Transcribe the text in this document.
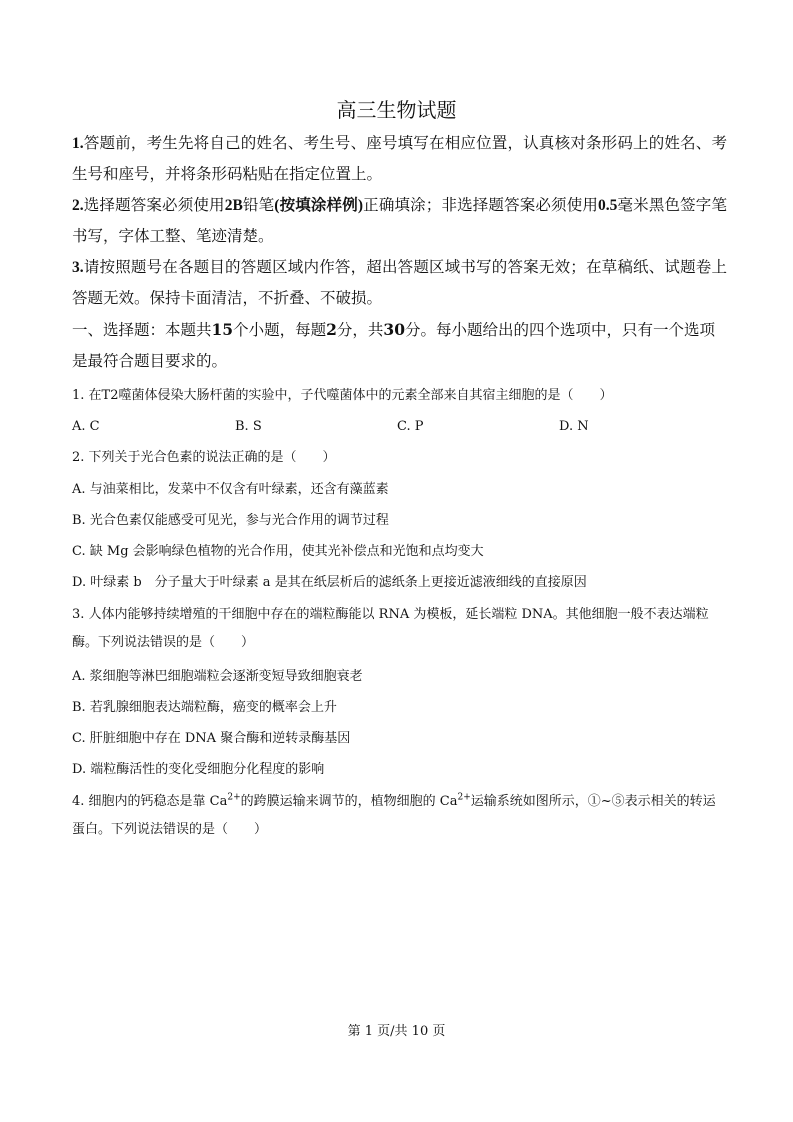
高三生物试题
1.答题前，考生先将自己的姓名、考生号、座号填写在相应位置，认真核对条形码上的姓名、考生号和座号，并将条形码粘贴在指定位置上。
2.选择题答案必须使用2B铅笔(按填涂样例)正确填涂；非选择题答案必须使用0.5毫米黑色签字笔书写，字体工整、笔迹清楚。
3.请按照题号在各题目的答题区域内作答，超出答题区域书写的答案无效；在草稿纸、试题卷上答题无效。保持卡面清洁，不折叠、不破损。
一、选择题：本题共15个小题，每题2分，共30分。每小题给出的四个选项中，只有一个选项是最符合题目要求的。
1. 在T2噬菌体侵染大肠杆菌的实验中，子代噬菌体中的元素全部来自其宿主细胞的是（　　）
A. C	B. S	C. P	D. N
2. 下列关于光合色素的说法正确的是（　　）
A. 与油菜相比，发菜中不仅含有叶绿素，还含有藻蓝素
B. 光合色素仅能感受可见光，参与光合作用的调节过程
C. 缺 Mg 会影响绿色植物的光合作用，使其光补偿点和光饱和点均变大
D. 叶绿素 b　分子量大于叶绿素 a 是其在纸层析后的滤纸条上更接近滤液细线的直接原因
3. 人体内能够持续增殖的干细胞中存在的端粒酶能以 RNA 为模板，延长端粒 DNA。其他细胞一般不表达端粒酶。下列说法错误的是（　　）
A. 浆细胞等淋巴细胞端粒会逐渐变短导致细胞衰老
B. 若乳腺细胞表达端粒酶，癌变的概率会上升
C. 肝脏细胞中存在 DNA 聚合酶和逆转录酶基因
D. 端粒酶活性的变化受细胞分化程度的影响
4. 细胞内的钙稳态是靠 $Ca^{2+}$的跨膜运输来调节的，植物细胞的 $Ca^{2+}$运输系统如图所示，①~⑤表示相关的转运蛋白。下列说法错误的是（　　）
第 1 页/共 10 页
